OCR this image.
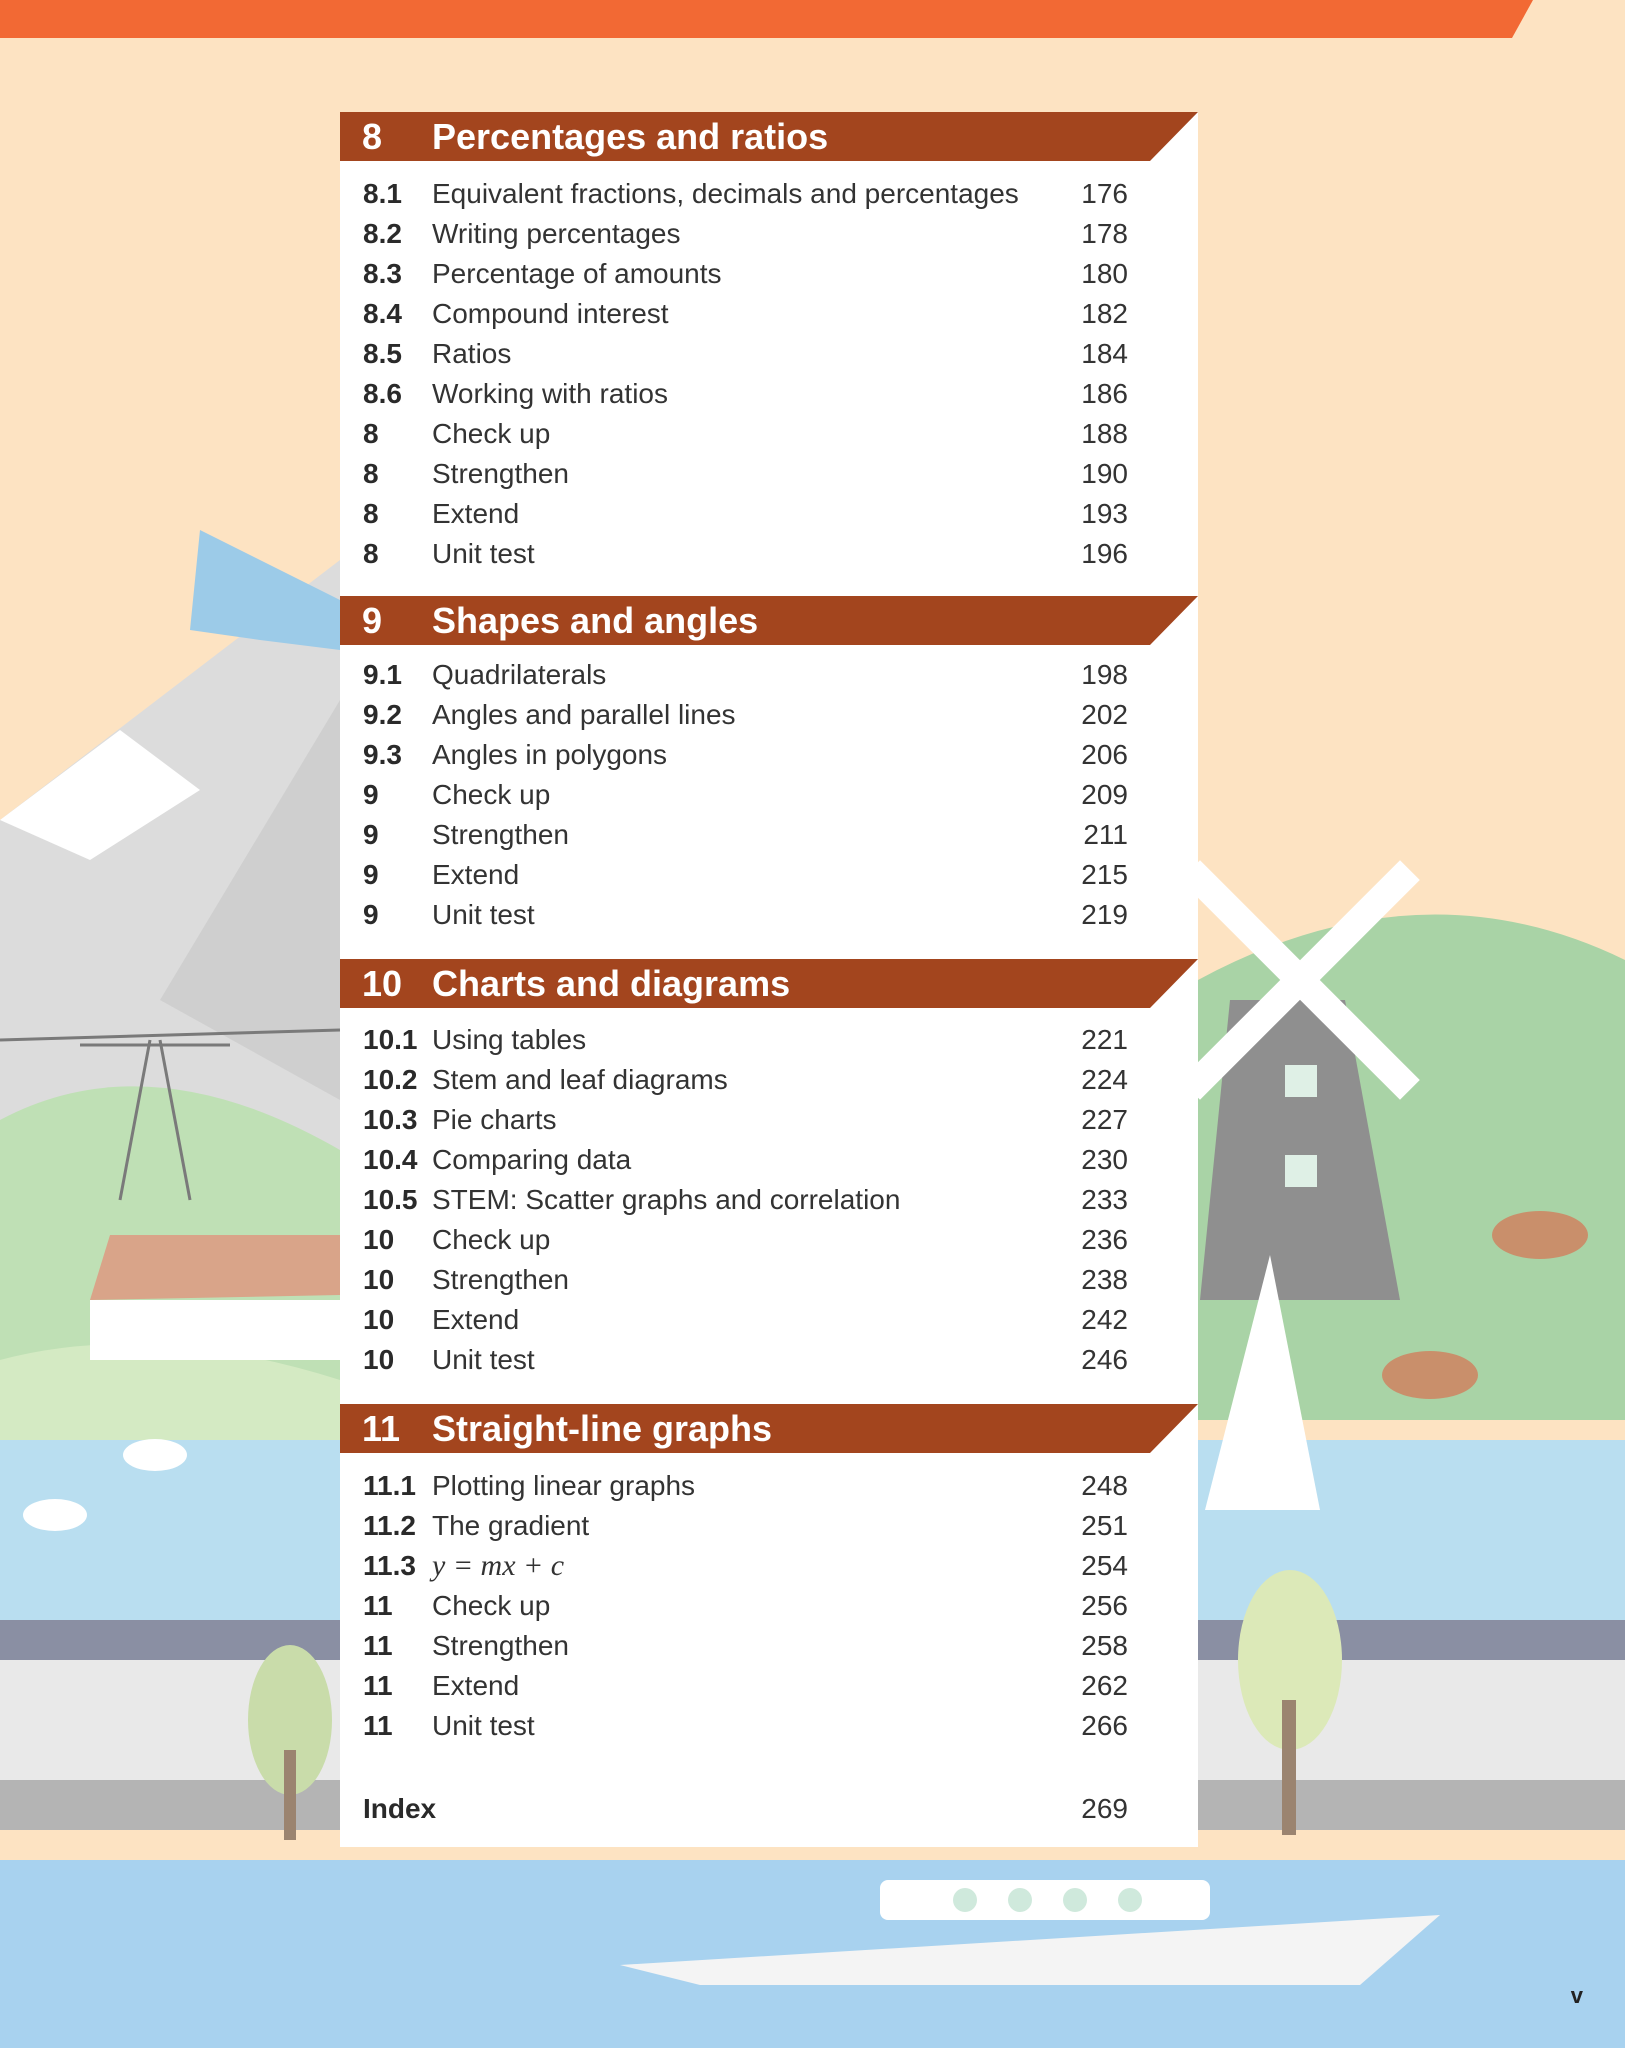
8 Percentages and ratios
8.1 Equivalent fractions, decimals and percentages 176
8.2 Writing percentages	178
8.3 Percentage of amounts	180
8.4 Compound interest	182
8.5 Ratios	184
8.6 Working with ratios	186
8 Check up	188
8 Strengthen	190
8 Extend	193
8 Unit test	196
9 Shapes and angles
9.1 Quadrilaterals	198
9.2 Angles and parallel lines	202
9.3 Angles in polygons	206
9 Check up	209
9 Strengthen	211
9 Extend	215
9 Unit test	219
10 Charts and diagrams
10.1 Using tables	221
10.2 Stem and leaf diagrams	224
10.3 Pie charts	227
10.4 Comparing data	230
10.5 STEM: Scatter graphs and correlation	233
10 Check up	236
10 Strengthen	238
10 Extend	242
10 Unit test	246
11 Straight-line graphs
11.1 Plotting linear graphs	248
11.2 The gradient	251
11.3 y = mx + c	254
11 Check up	256
11 Strengthen	258
11 Extend	262
11 Unit test	266
Index	269
v
